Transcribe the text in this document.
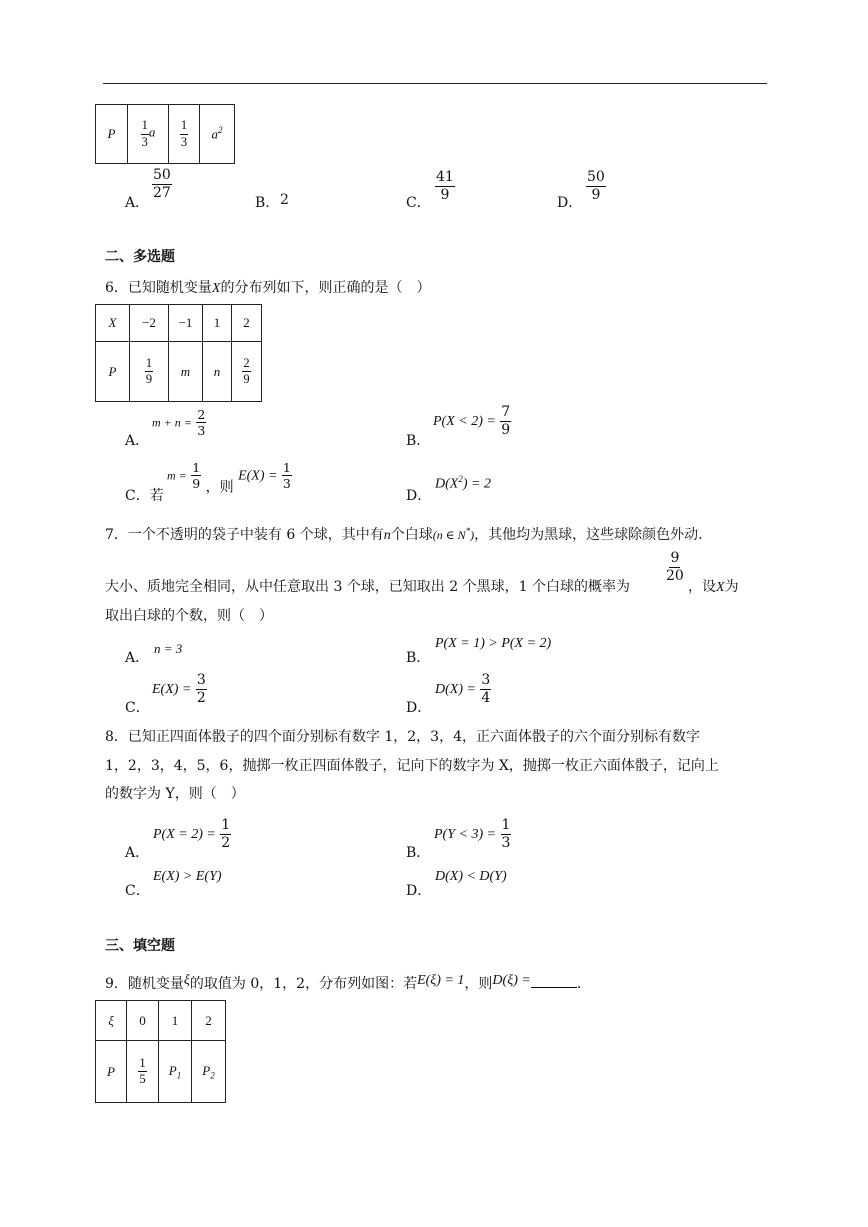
P	$\frac{1}{3}$ a	$\frac{1}{3}$	$a^2$
A．
$\frac{50}{27}$
B． 2	C．
$\frac{41}{9}$
D．
$\frac{50}{9}$
二、多选题
6．已知随机变量X的分布列如下，则正确的是（　）
X	−2	−1	1	2
P	$\frac{1}{9}$	m	n	$\frac{2}{9}$
A．
$m + n = \frac{2}{3}$
B．
$P(X < 2) = \frac{7}{9}$
C．若
$m = \frac{1}{9}$ ，则 $E(X) = \frac{1}{3}$
D．
$D(X^2) = 2$
7．一个不透明的袋子中装有 6 个球，其中有n个白球(n ∈ N*)，其他均为黑球，这些球除颜色外动.
大小、质地完全相同，从中任意取出 3 个球，已知取出 2 个黑球，1 个白球的概率为
$\frac{9}{20}$
，设X为
取出白球的个数，则（　）
A．
n = 3
B．
P(X = 1) > P(X = 2)
C．
$E(X) = \frac{3}{2}$
D．
$D(X) = \frac{3}{4}$
8．已知正四面体骰子的四个面分别标有数字 1，2，3，4，正六面体骰子的六个面分别标有数字
1，2，3，4，5，6，抛掷一枚正四面体骰子，记向下的数字为 X，抛掷一枚正六面体骰子，记向上
的数字为 Y，则（　）
A．
$P(X = 2) = \frac{1}{2}$
B．
$P(Y < 3) = \frac{1}{3}$
C．
E(X) > E(Y)
D．
D(X) < D(Y)
三、填空题
9．随机变量ξ的取值为 0，1，2，分布列如图：若E(ξ) = 1，则D(ξ) =	.
ξ	0	1	2
P	$\frac{1}{5}$	$P_1$	$P_2$
